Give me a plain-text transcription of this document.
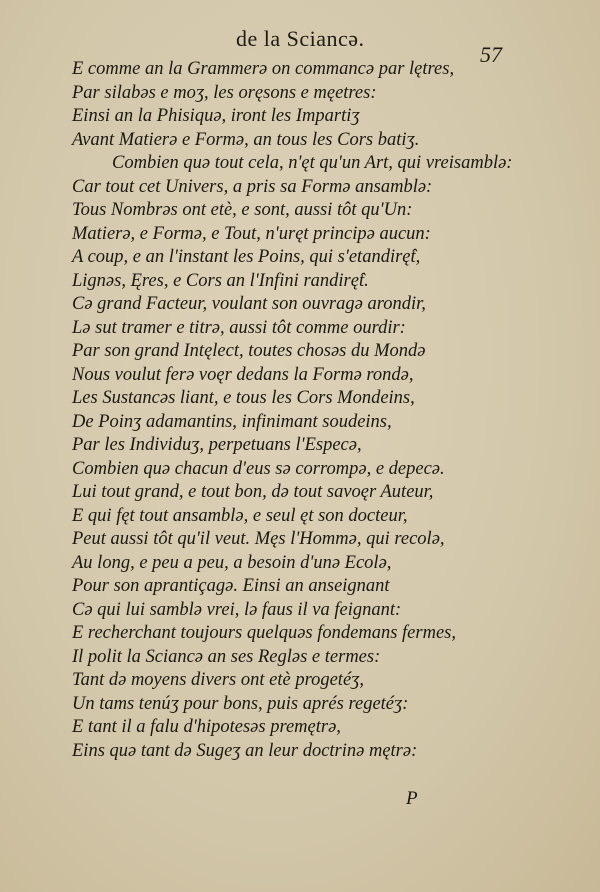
de la Sciancǝ.
57
E comme an la Grammerǝ on commancǝ par lętres,
Par silabǝs e moʒ, les oręsons e męetres:
Einsi an la Phisiquǝ, iront les Impartiʒ
Avant Matierǝ e Formǝ, an tous les Cors batiʒ.
Combien quǝ tout cela, n'ęt qu'un Art, qui vreisamblǝ:
Car tout cet Univers, a pris sa Formǝ ansamblǝ:
Tous Nombrǝs ont etè, e sont, aussi tôt qu'Un:
Matierǝ, e Formǝ, e Tout, n'uręt principǝ aucun:
A coup, e an l'instant les Poins, qui s'etandirę̂t,
Lignǝs, Ęres, e Cors an l'Infini randirę̂t.
Cǝ grand Facteur, voulant son ouvragǝ arondir,
Lǝ sut tramer e titrǝ, aussi tôt comme ourdir:
Par son grand Intęlect, toutes chosǝs du Mondǝ
Nous voulut ferǝ voęr dedans la Formǝ rondǝ,
Les Sustancǝs liant, e tous les Cors Mondeins,
De Poinʒ adamantins, infinimant soudeins,
Par les Individuʒ, perpetuans l'Especǝ,
Combien quǝ chacun d'eus sǝ corrompǝ, e depecǝ.
Lui tout grand, e tout bon, dǝ tout savoęr Auteur,
E qui fęt tout ansamblǝ, e seul ęt son docteur,
Peut aussi tôt qu'il veut. Męs l'Hommǝ, qui recolǝ,
Au long, e peu a peu, a besoin d'unǝ Ecolǝ,
Pour son aprantiçagǝ. Einsi an anseignant
Cǝ qui lui samblǝ vrei, lǝ faus il va feignant:
E recherchant toujours quelquǝs fondemans fermes,
Il polit la Sciancǝ an ses Reglǝs e termes:
Tant dǝ moyens divers ont etè progetéʒ,
Un tams tenúʒ pour bons, puis aprés regetéʒ:
E tant il a falu d'hipotesǝs premętrǝ,
Eins quǝ tant dǝ Sugeʒ an leur doctrinǝ mętrǝ:
P
